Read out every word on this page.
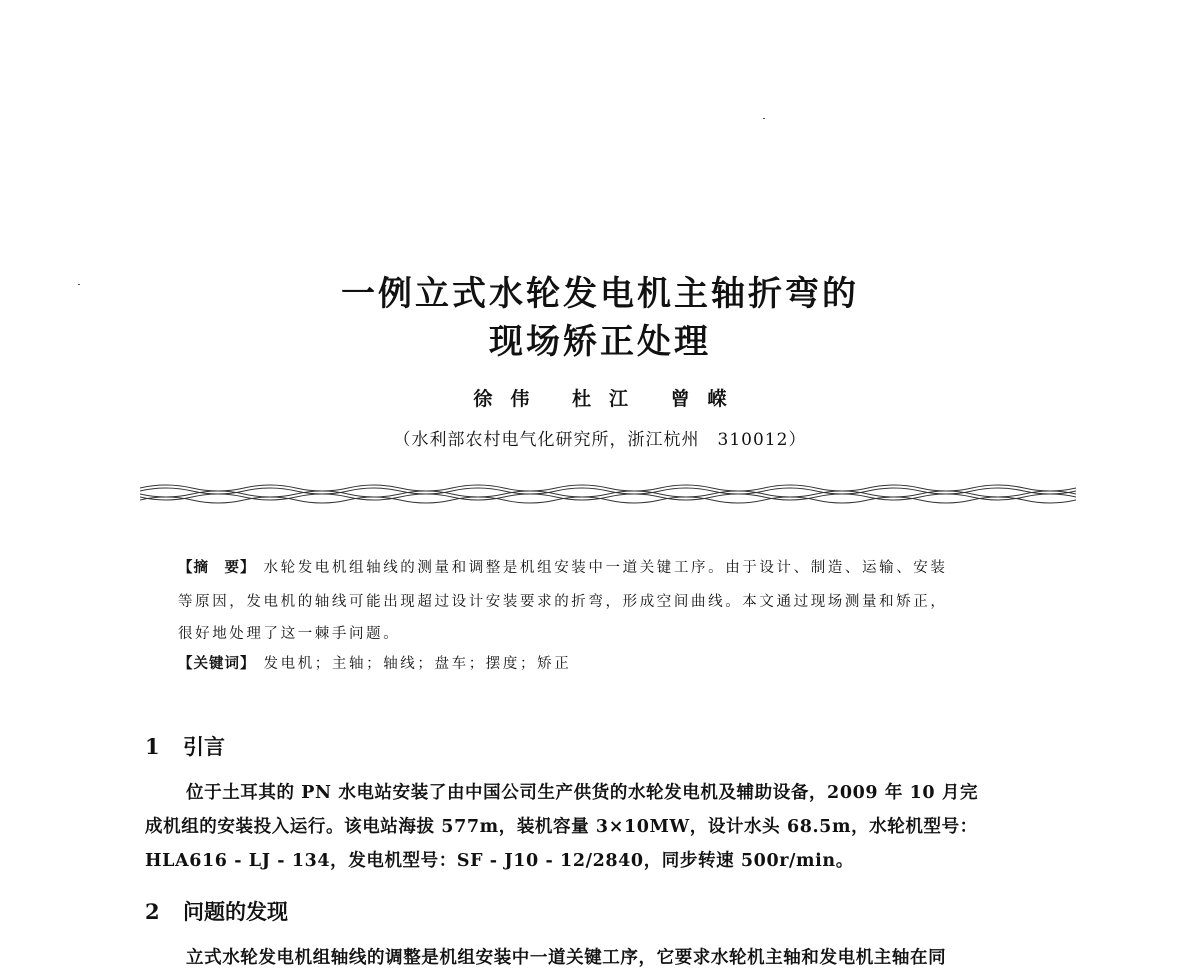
一例立式水轮发电机主轴折弯的
现场矫正处理
徐伟 杜江 曾嵘
（水利部农村电气化研究所，浙江杭州　310012）
【摘　要】 水轮发电机组轴线的测量和调整是机组安装中一道关键工序。由于设计、制造、运输、安装
等原因，发电机的轴线可能出现超过设计安装要求的折弯，形成空间曲线。本文通过现场测量和矫正，
很好地处理了这一棘手问题。
【关键词】 发电机；主轴；轴线；盘车；摆度；矫正
1 引言
位于土耳其的 PN 水电站安装了由中国公司生产供货的水轮发电机及辅助设备，2009 年 10 月完
成机组的安装投入运行。该电站海拔 577m，装机容量 3×10MW，设计水头 68.5m，水轮机型号：
HLA616 - LJ - 134，发电机型号：SF - J10 - 12/2840，同步转速 500r/min。
2 问题的发现
立式水轮发电机组轴线的调整是机组安装中一道关键工序，它要求水轮机主轴和发电机主轴在同
